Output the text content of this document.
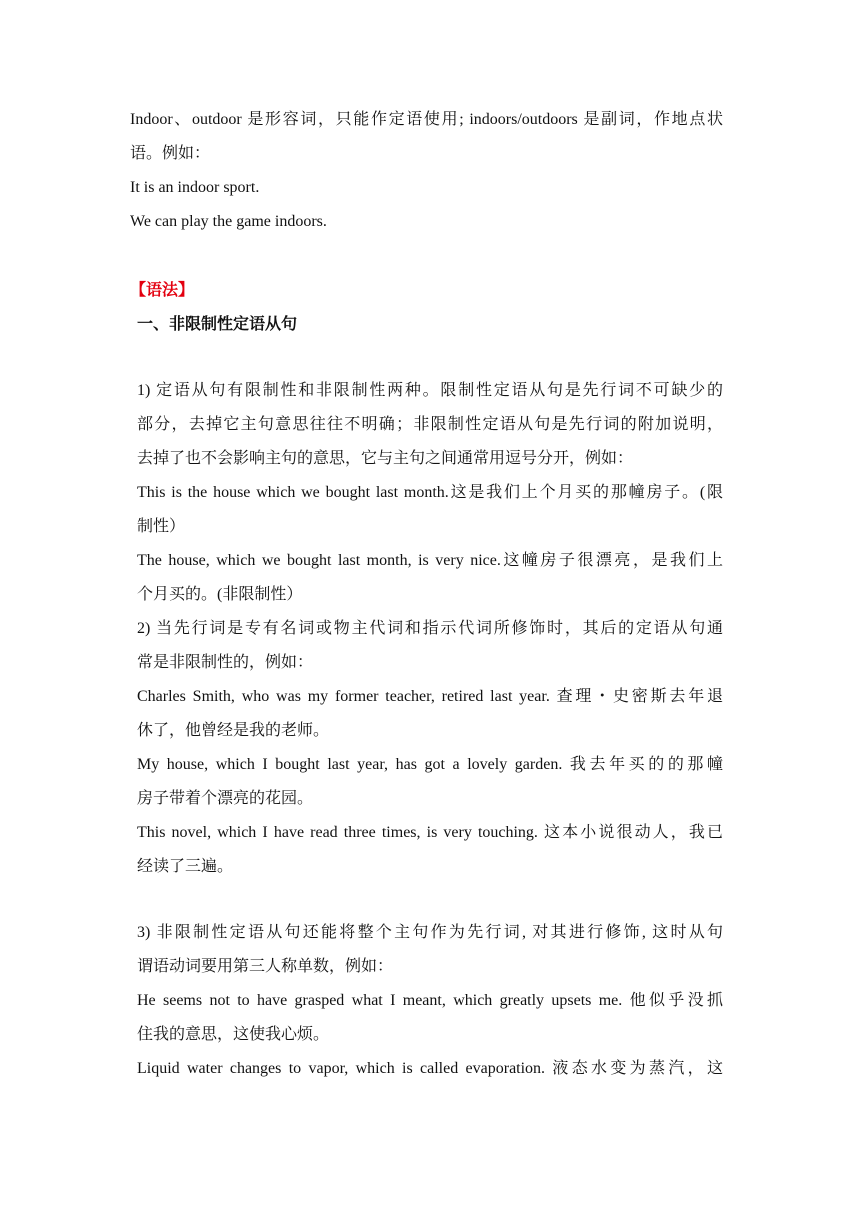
Indoor、outdoor 是形容词，只能作定语使用; indoors/outdoors 是副词，作地点状

语。例如：

It is an indoor sport.

We can play the game indoors.

【语法】

一、非限制性定语从句

1) 定语从句有限制性和非限制性两种。限制性定语从句是先行词不可缺少的

部分，去掉它主句意思往往不明确；非限制性定语从句是先行词的附加说明，

去掉了也不会影响主句的意思，它与主句之间通常用逗号分开，例如：

This is the house which we bought last month.这是我们上个月买的那幢房子。(限

制性）

The house, which we bought last month, is very nice.这幢房子很漂亮，是我们上

个月买的。(非限制性）

2) 当先行词是专有名词或物主代词和指示代词所修饰时，其后的定语从句通

常是非限制性的，例如：

Charles Smith, who was my former teacher, retired last year. 查理・史密斯去年退

休了，他曾经是我的老师。

My house, which I bought last year, has got a lovely garden. 我去年买的的那幢

房子带着个漂亮的花园。

This novel, which I have read three times, is very touching. 这本小说很动人，我已

经读了三遍。

3) 非限制性定语从句还能将整个主句作为先行词, 对其进行修饰, 这时从句

谓语动词要用第三人称单数，例如：

He seems not to have grasped what I meant, which greatly upsets me. 他似乎没抓

住我的意思，这使我心烦。

Liquid water changes to vapor, which is called evaporation. 液态水变为蒸汽，这
